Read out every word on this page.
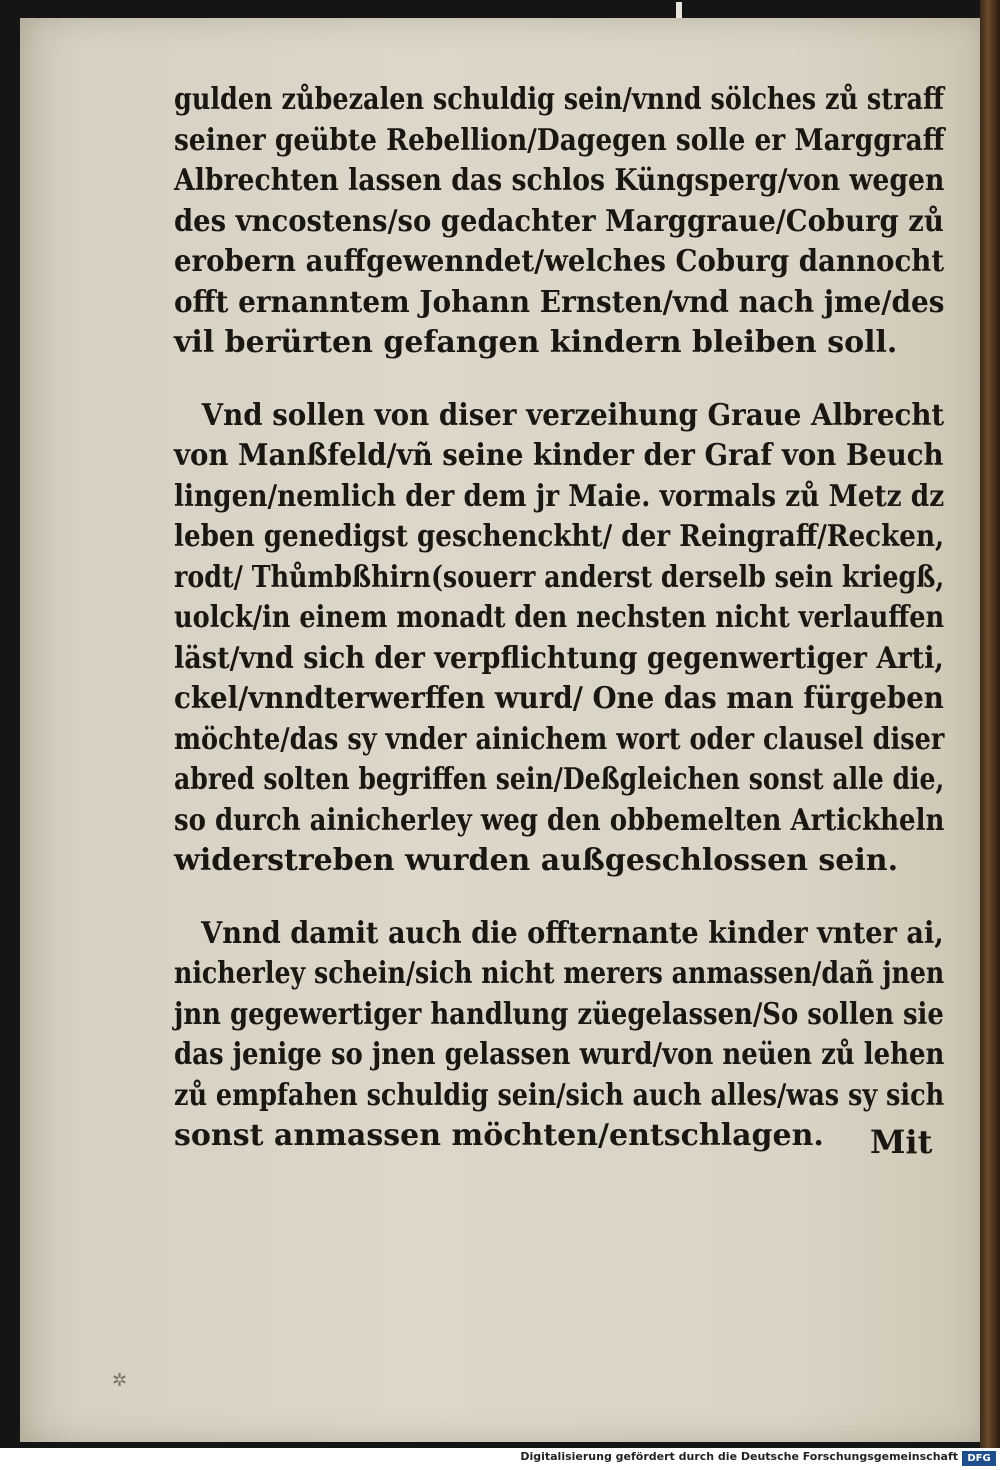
gulden zůbezalen schuldig sein/vnnd sölches zů straff
seiner geübte Rebellion/Dagegen solle er Marggraff
Albrechten lassen das schlos Küngsperg/von wegen
des vncostens/so gedachter Marggraue/Coburg zů
erobern auffgewenndet/welches Coburg dannocht
offt ernanntem Johann Ernsten/vnd nach jme/des
vil berürten gefangen kindern bleiben soll.
Vnd sollen von diser verzeihung Graue Albrecht
von Manßfeld/vñ seine kinder der Graf von Beuch
lingen/nemlich der dem jr Maie. vormals zů Metz dz
leben genedigst geschenckht/ der Reingraff/Recken,
rodt/ Thůmbßhirn(souerr anderst derselb sein kriegß,
uolck/in einem monadt den nechsten nicht verlauffen
läst/vnd sich der verpflichtung gegenwertiger Arti,
ckel/vnndterwerffen wurd/ One das man fürgeben
möchte/das sy vnder ainichem wort oder clausel diser
abred solten begriffen sein/Deßgleichen sonst alle die,
so durch ainicherley weg den obbemelten Artickheln
widerstreben wurden außgeschlossen sein.
Vnnd damit auch die offternante kinder vnter ai,
nicherley schein/sich nicht merers anmassen/dañ jnen
jnn gegewertiger handlung züegelassen/So sollen sie
das jenige so jnen gelassen wurd/von neüen zů lehen
zů empfahen schuldig sein/sich auch alles/was sy sich
sonst anmassen möchten/entschlagen.	Mit
✲
Digitalisierung gefördert durch die Deutsche Forschungsgemeinschaft DFG
